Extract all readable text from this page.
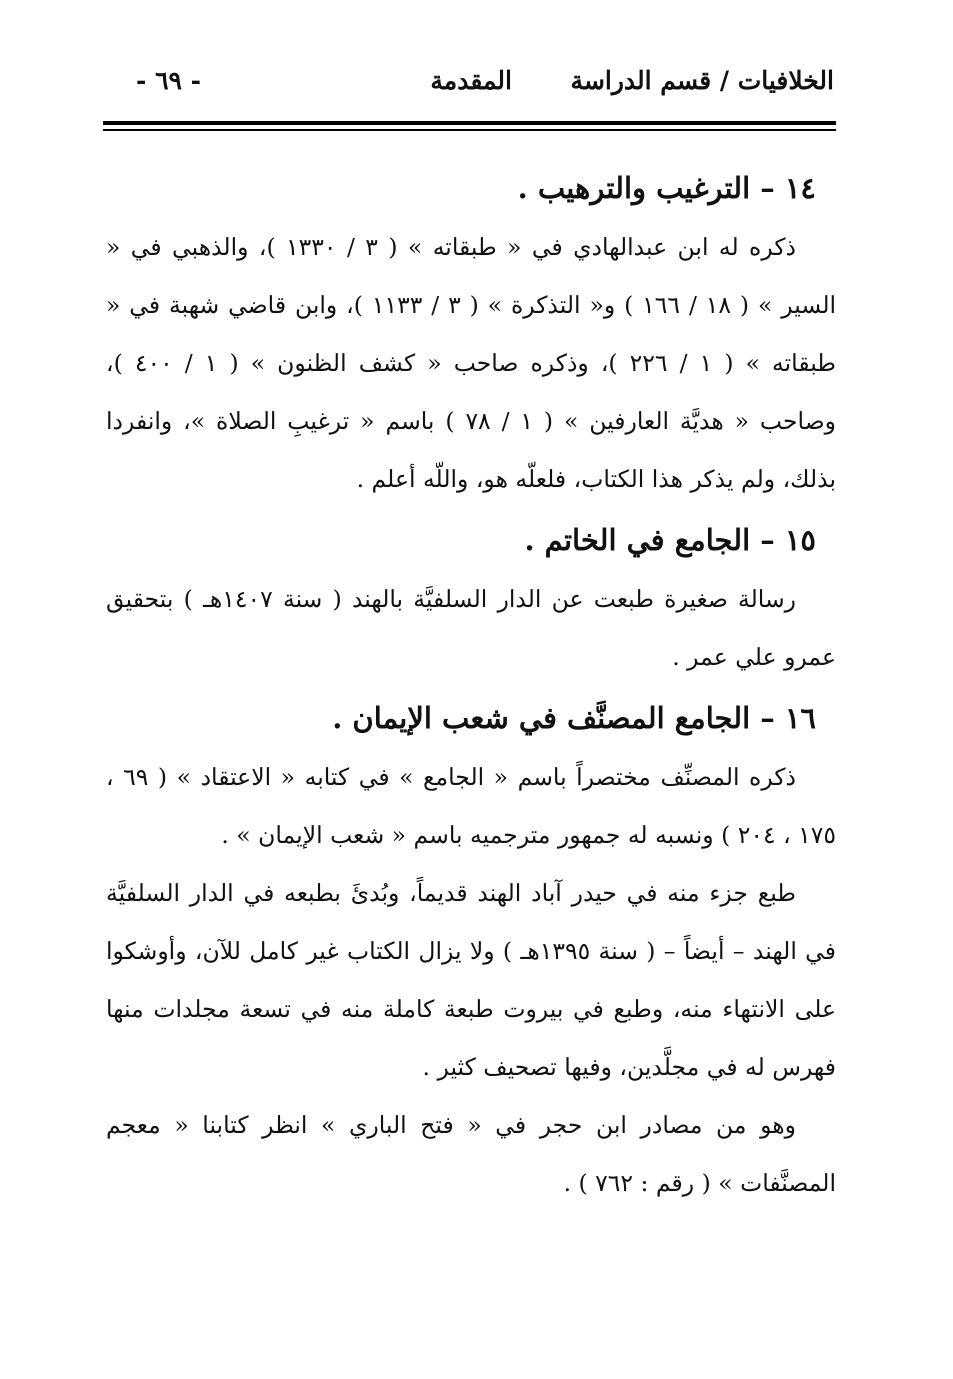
الخلافيات / قسم الدراسة
المقدمة
- ٦٩ -
١٤ – الترغيب والترهيب .

ذكره له ابن عبدالهادي في « طبقاته » ( ٣ / ١٣٣٠ )، والذهبي في « السير » ( ١٨ / ١٦٦ ) و« التذكرة » ( ٣ / ١١٣٣ )، وابن قاضي شهبة في « طبقاته » ( ١ / ٢٢٦ )، وذكره صاحب « كشف الظنون » ( ١ / ٤٠٠ )، وصاحب « هديَّة العارفين » ( ١ / ٧٨ ) باسم « ترغيبِ الصلاة »، وانفردا بذلك، ولم يذكر هذا الكتاب، فلعلّه هو، واللّه أعلم .

١٥ – الجامع في الخاتم .

رسالة صغيرة طبعت عن الدار السلفيَّة بالهند ( سنة ١٤٠٧هـ ) بتحقيق عمرو علي عمر .

١٦ – الجامع المصنَّف في شعب الإيمان .

ذكره المصنِّف مختصراً باسم « الجامع » في كتابه « الاعتقاد » ( ٦٩ ، ١٧٥ ، ٢٠٤ ) ونسبه له جمهور مترجميه باسم « شعب الإيمان » .

طبع جزء منه في حيدر آباد الهند قديماً، وبُدئَ بطبعه في الدار السلفيَّة في الهند – أيضاً – ( سنة ١٣٩٥هـ ) ولا يزال الكتاب غير كامل للآن، وأوشكوا على الانتهاء منه، وطبع في بيروت طبعة كاملة منه في تسعة مجلدات منها فهرس له في مجلَّدين، وفيها تصحيف كثير .

وهو من مصادر ابن حجر في « فتح الباري » انظر كتابنا « معجم المصنَّفات » ( رقم : ٧٦٢ ) .
